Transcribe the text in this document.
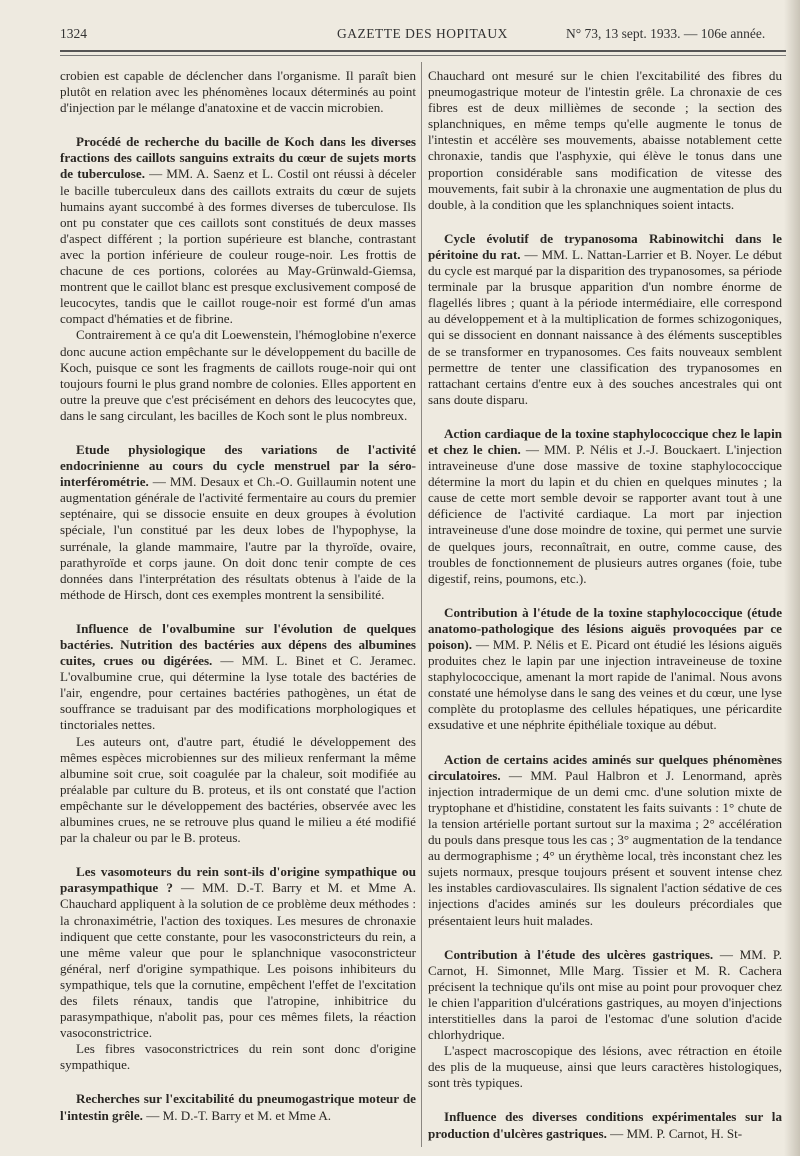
1324	GAZETTE DES HOPITAUX	N° 73, 13 sept. 1933. — 106e année.

crobien est capable de déclencher dans l'organisme. Il paraît bien plutôt en relation avec les phénomènes locaux déterminés au point d'injection par le mélange d'anatoxine et de vaccin microbien.

Procédé de recherche du bacille de Koch dans les diverses fractions des caillots sanguins extraits du cœur de sujets morts de tuberculose. — MM. A. Saenz et L. Costil ont réussi à déceler le bacille tuberculeux dans des caillots extraits du cœur de sujets humains ayant succombé à des formes diverses de tuberculose. Ils ont pu constater que ces caillots sont constitués de deux masses d'aspect différent ; la portion supérieure est blanche, contrastant avec la portion inférieure de couleur rouge-noir. Les frottis de chacune de ces portions, colorées au May-Grünwald-Giemsa, montrent que le caillot blanc est presque exclusivement composé de leucocytes, tandis que le caillot rouge-noir est formé d'un amas compact d'hématies et de fibrine.

Contrairement à ce qu'a dit Loewenstein, l'hémoglobine n'exerce donc aucune action empêchante sur le développement du bacille de Koch, puisque ce sont les fragments de caillots rouge-noir qui ont toujours fourni le plus grand nombre de colonies. Elles apportent en outre la preuve que c'est précisément en dehors des leucocytes que, dans le sang circulant, les bacilles de Koch sont le plus nombreux.

Etude physiologique des variations de l'activité endocrinienne au cours du cycle menstruel par la séro-interférométrie. — MM. Desaux et Ch.-O. Guillaumin notent une augmentation générale de l'activité fermentaire au cours du premier septénaire, qui se dissocie ensuite en deux groupes à évolution spéciale, l'un constitué par les deux lobes de l'hypophyse, la surrénale, la glande mammaire, l'autre par la thyroïde, ovaire, parathyroïde et corps jaune. On doit donc tenir compte de ces données dans l'interprétation des résultats obtenus à l'aide de la méthode de Hirsch, dont ces exemples montrent la sensibilité.

Influence de l'ovalbumine sur l'évolution de quelques bactéries. Nutrition des bactéries aux dépens des albumines cuites, crues ou digérées. — MM. L. Binet et C. Jeramec. L'ovalbumine crue, qui détermine la lyse totale des bactéries de l'air, engendre, pour certaines bactéries pathogènes, un état de souffrance se traduisant par des modifications morphologiques et tinctoriales nettes.

Les auteurs ont, d'autre part, étudié le développement des mêmes espèces microbiennes sur des milieux renfermant la même albumine soit crue, soit coagulée par la chaleur, soit modifiée au préalable par culture du B. proteus, et ils ont constaté que l'action empêchante sur le développement des bactéries, observée avec les albumines crues, ne se retrouve plus quand le milieu a été modifié par la chaleur ou par le B. proteus.

Les vasomoteurs du rein sont-ils d'origine sympathique ou parasympathique ? — MM. D.-T. Barry et M. et Mme A. Chauchard appliquent à la solution de ce problème deux méthodes : la chronaximétrie, l'action des toxiques. Les mesures de chronaxie indiquent que cette constante, pour les vasoconstricteurs du rein, a une même valeur que pour le splanchnique vasoconstricteur général, nerf d'origine sympathique. Les poisons inhibiteurs du sympathique, tels que la cornutine, empêchent l'effet de l'excitation des filets rénaux, tandis que l'atropine, inhibitrice du parasympathique, n'abolit pas, pour ces mêmes filets, la réaction vasoconstrictrice.

Les fibres vasoconstrictrices du rein sont donc d'origine sympathique.

Recherches sur l'excitabilité du pneumogastrique moteur de l'intestin grêle. — M. D.-T. Barry et M. et Mme A.

Chauchard ont mesuré sur le chien l'excitabilité des fibres du pneumogastrique moteur de l'intestin grêle. La chronaxie de ces fibres est de deux millièmes de seconde ; la section des splanchniques, en même temps qu'elle augmente le tonus de l'intestin et accélère ses mouvements, abaisse notablement cette chronaxie, tandis que l'asphyxie, qui élève le tonus dans une proportion considérable sans modification de vitesse des mouvements, fait subir à la chronaxie une augmentation de plus du double, à la condition que les splanchniques soient intacts.

Cycle évolutif de trypanosoma Rabinowitchi dans le péritoine du rat. — MM. L. Nattan-Larrier et B. Noyer. Le début du cycle est marqué par la disparition des trypanosomes, sa période terminale par la brusque apparition d'un nombre énorme de flagellés libres ; quant à la période intermédiaire, elle correspond au développement et à la multiplication de formes schizogoniques, qui se dissocient en donnant naissance à des éléments susceptibles de se transformer en trypanosomes. Ces faits nouveaux semblent permettre de tenter une classification des trypanosomes en rattachant certains d'entre eux à des souches ancestrales qui ont sans doute disparu.

Action cardiaque de la toxine staphylococcique chez le lapin et chez le chien. — MM. P. Nélis et J.-J. Bouckaert. L'injection intraveineuse d'une dose massive de toxine staphylococcique détermine la mort du lapin et du chien en quelques minutes ; la cause de cette mort semble devoir se rapporter avant tout à une déficience de l'activité cardiaque. La mort par injection intraveineuse d'une dose moindre de toxine, qui permet une survie de quelques jours, reconnaîtrait, en outre, comme cause, des troubles de fonctionnement de plusieurs autres organes (foie, tube digestif, reins, poumons, etc.).

Contribution à l'étude de la toxine staphylococcique (étude anatomo-pathologique des lésions aiguës provoquées par ce poison). — MM. P. Nélis et E. Picard ont étudié les lésions aiguës produites chez le lapin par une injection intraveineuse de toxine staphylococcique, amenant la mort rapide de l'animal. Nous avons constaté une hémolyse dans le sang des veines et du cœur, une lyse complète du protoplasme des cellules hépatiques, une péricardite exsudative et une néphrite épithéliale toxique au début.

Action de certains acides aminés sur quelques phénomènes circulatoires. — MM. Paul Halbron et J. Lenormand, après injection intradermique de un demi cmc. d'une solution mixte de tryptophane et d'histidine, constatent les faits suivants : 1° chute de la tension artérielle portant surtout sur la maxima ; 2° accélération du pouls dans presque tous les cas ; 3° augmentation de la tendance au dermographisme ; 4° un érythème local, très inconstant chez les sujets normaux, presque toujours présent et souvent intense chez les instables cardiovasculaires. Ils signalent l'action sédative de ces injections d'acides aminés sur les douleurs précordiales que présentaient leurs huit malades.

Contribution à l'étude des ulcères gastriques. — MM. P. Carnot, H. Simonnet, Mlle Marg. Tissier et M. R. Cachera précisent la technique qu'ils ont mise au point pour provoquer chez le chien l'apparition d'ulcérations gastriques, au moyen d'injections interstitielles dans la paroi de l'estomac d'une solution d'acide chlorhydrique.

L'aspect macroscopique des lésions, avec rétraction en étoile des plis de la muqueuse, ainsi que leurs caractères histologiques, sont très typiques.

Influence des diverses conditions expérimentales sur la production d'ulcères gastriques. — MM. P. Carnot, H. St-
